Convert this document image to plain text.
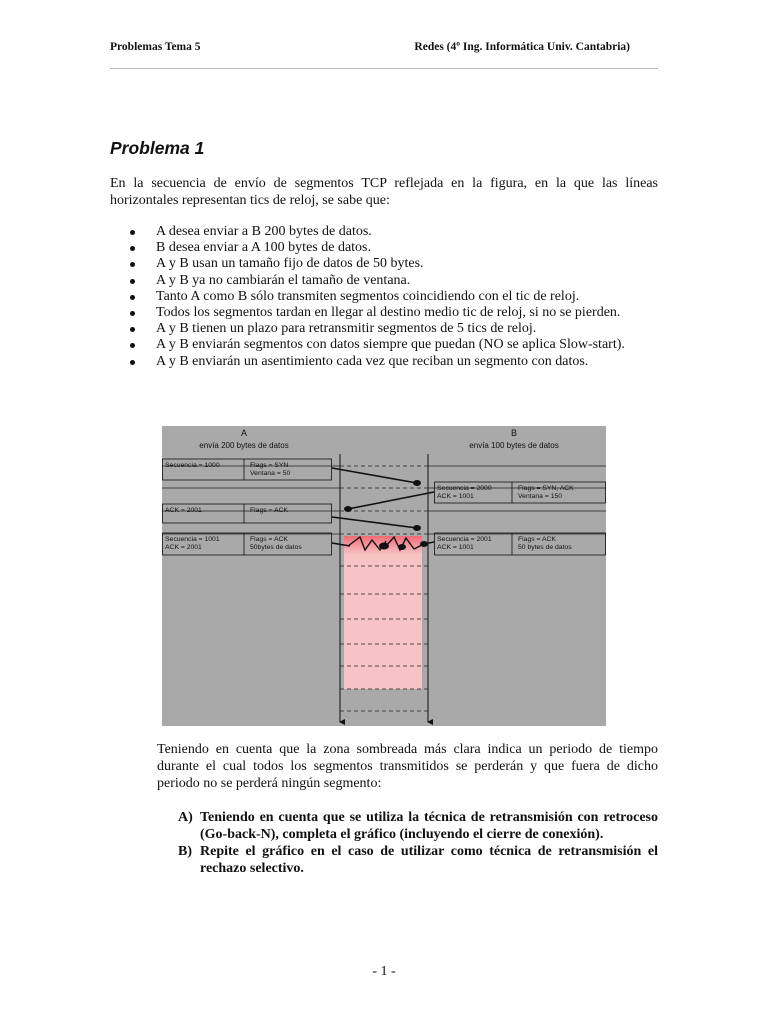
Problemas Tema 5	Redes (4º Ing. Informática Univ. Cantabria)
Problema 1

En la secuencia de envío de segmentos TCP reflejada en la figura, en la que las líneas horizontales representan tics de reloj, se sabe que:

A desea enviar a B 200 bytes de datos.
B desea enviar a A 100 bytes de datos.
A y B usan un tamaño fijo de datos de 50 bytes.
A y B ya no cambiarán el tamaño de ventana.
Tanto A como B sólo transmiten segmentos coincidiendo con el tic de reloj.
Todos los segmentos tardan en llegar al destino medio tic de reloj, si no se pierden.
A y B tienen un plazo para retransmitir segmentos de 5 tics de reloj.
A y B enviarán segmentos con datos siempre que puedan (NO se aplica Slow-start).
A y B enviarán un asentimiento cada vez que reciban un segmento con datos.
A
envía 200 bytes de datos
B
envía 100 bytes de datos
Secuencia = 1000	Flags = SYN
Ventana = 50
Secuencia = 2000
ACK = 1001
Flags = SYN, ACK
Ventana = 150
ACK = 2001	Flags = ACK
Secuencia = 1001
ACK = 2001
Flags = ACK
50bytes de datos
Secuencia = 2001
ACK = 1001
Flags = ACK
50 bytes de datos

Teniendo en cuenta que la zona sombreada más clara indica un periodo de tiempo durante el cual todos los segmentos transmitidos se perderán y que fuera de dicho periodo no se perderá ningún segmento:

A) Teniendo en cuenta que se utiliza la técnica de retransmisión con retroceso (Go-back-N), completa el gráfico (incluyendo el cierre de conexión).
B) Repite el gráfico en el caso de utilizar como técnica de retransmisión el rechazo selectivo.
- 1 -
